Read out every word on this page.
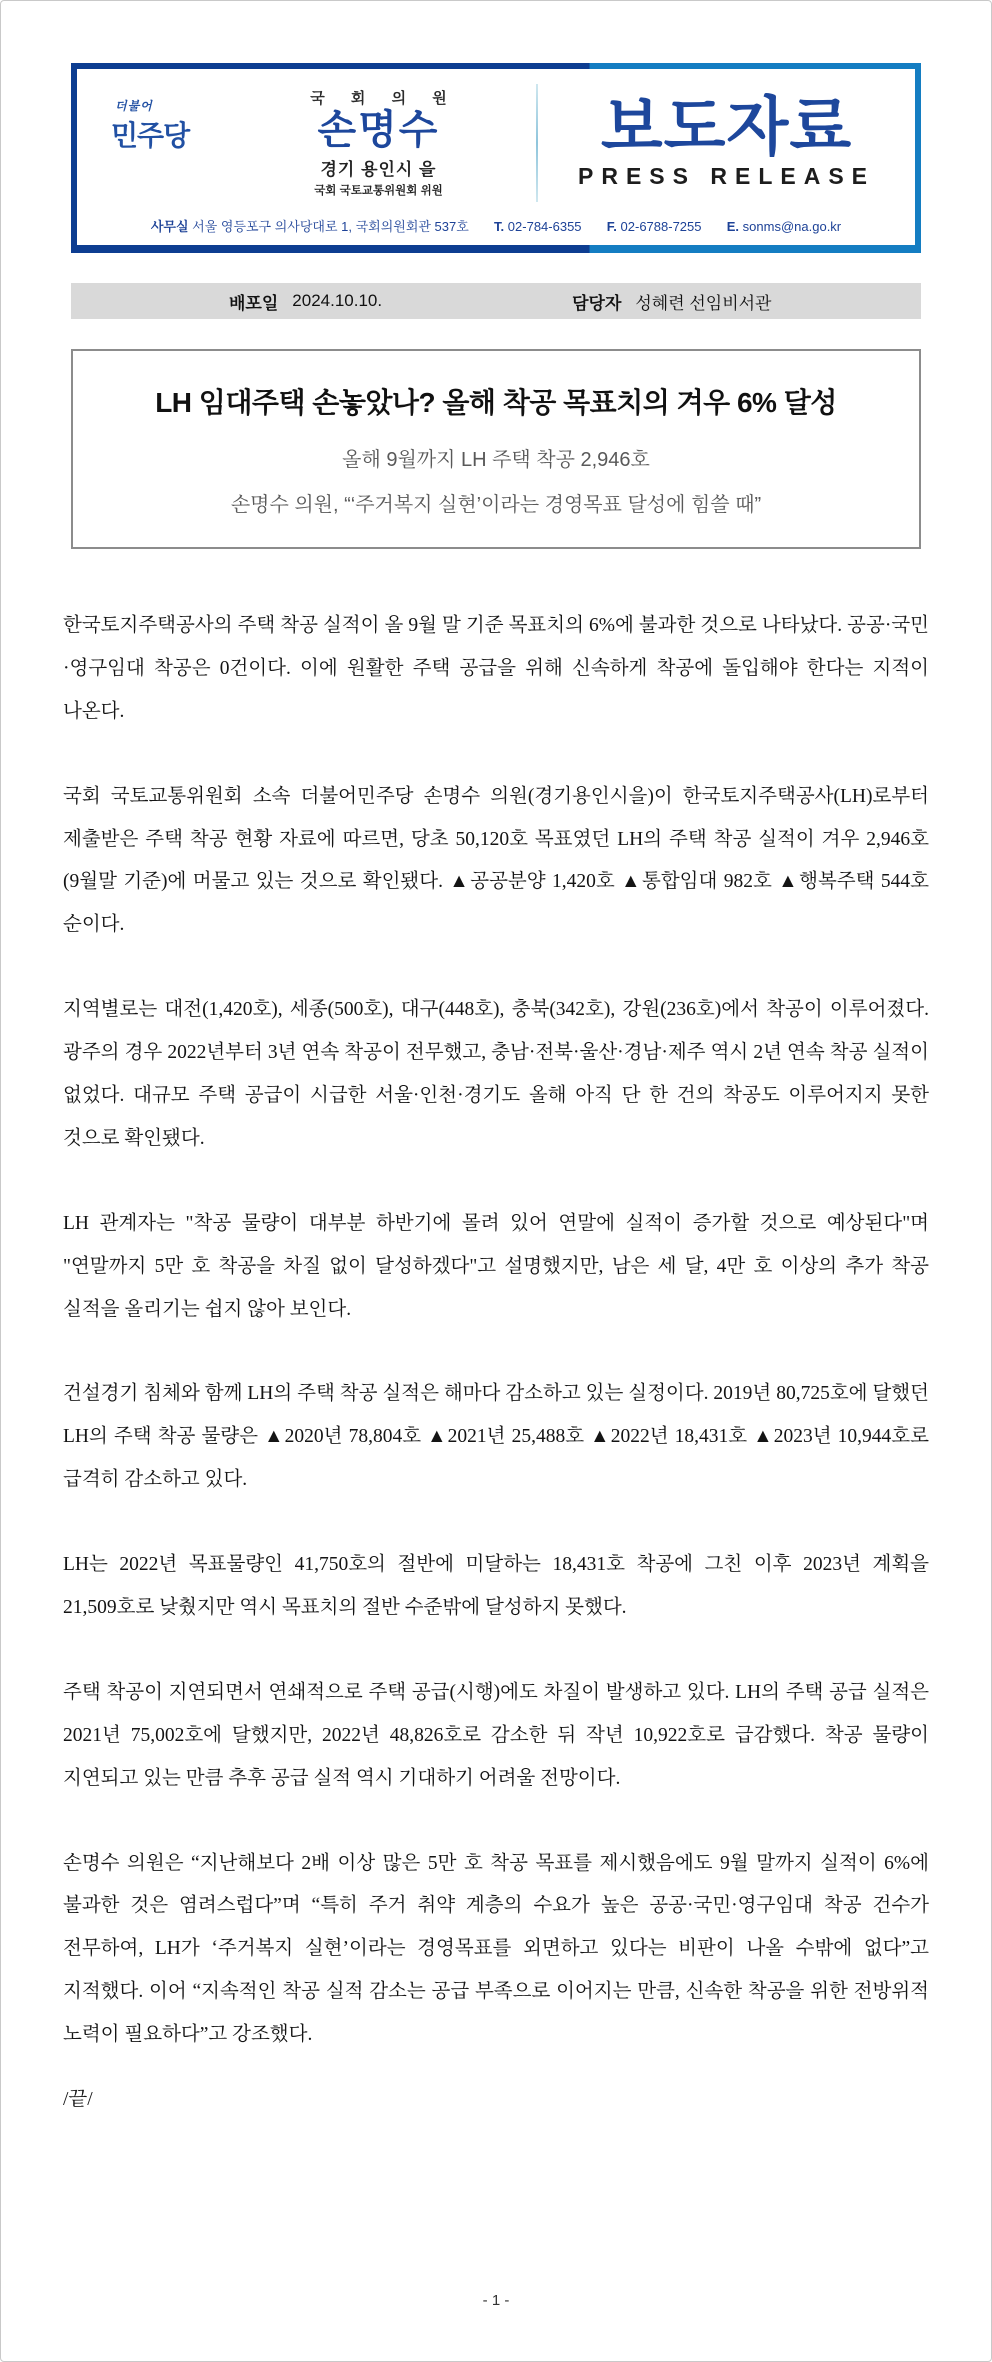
더불어
민주당
국 회 의 원
손명수
경기 용인시 을
국회 국토교통위원회 위원
보도자료
PRESS RELEASE
사무실 서울 영등포구 의사당대로 1, 국회의원회관 537호 T. 02-784-6355 F. 02-6788-7255 E. sonms@na.go.kr
배포일 2024.10.10.	담당자 성혜련 선임비서관
LH 임대주택 손놓았나? 올해 착공 목표치의 겨우 6% 달성
올해 9월까지 LH 주택 착공 2,946호
손명수 의원, “‘주거복지 실현’이라는 경영목표 달성에 힘쓸 때”

한국토지주택공사의 주택 착공 실적이 올 9월 말 기준 목표치의 6%에 불과한 것으로 나타났다. 공공·국민·영구임대 착공은 0건이다. 이에 원활한 주택 공급을 위해 신속하게 착공에 돌입해야 한다는 지적이 나온다.

국회 국토교통위원회 소속 더불어민주당 손명수 의원(경기용인시을)이 한국토지주택공사(LH)로부터 제출받은 주택 착공 현황 자료에 따르면, 당초 50,120호 목표였던 LH의 주택 착공 실적이 겨우 2,946호(9월말 기준)에 머물고 있는 것으로 확인됐다. ▲공공분양 1,420호 ▲통합임대 982호 ▲행복주택 544호 순이다.

지역별로는 대전(1,420호), 세종(500호), 대구(448호), 충북(342호), 강원(236호)에서 착공이 이루어졌다. 광주의 경우 2022년부터 3년 연속 착공이 전무했고, 충남·전북·울산·경남·제주 역시 2년 연속 착공 실적이 없었다. 대규모 주택 공급이 시급한 서울·인천·경기도 올해 아직 단 한 건의 착공도 이루어지지 못한 것으로 확인됐다.

LH 관계자는 "착공 물량이 대부분 하반기에 몰려 있어 연말에 실적이 증가할 것으로 예상된다"며 "연말까지 5만 호 착공을 차질 없이 달성하겠다"고 설명했지만, 남은 세 달, 4만 호 이상의 추가 착공 실적을 올리기는 쉽지 않아 보인다.

건설경기 침체와 함께 LH의 주택 착공 실적은 해마다 감소하고 있는 실정이다. 2019년 80,725호에 달했던 LH의 주택 착공 물량은 ▲2020년 78,804호 ▲2021년 25,488호 ▲2022년 18,431호 ▲2023년 10,944호로 급격히 감소하고 있다.

LH는 2022년 목표물량인 41,750호의 절반에 미달하는 18,431호 착공에 그친 이후 2023년 계획을 21,509호로 낮췄지만 역시 목표치의 절반 수준밖에 달성하지 못했다.

주택 착공이 지연되면서 연쇄적으로 주택 공급(시행)에도 차질이 발생하고 있다. LH의 주택 공급 실적은 2021년 75,002호에 달했지만, 2022년 48,826호로 감소한 뒤 작년 10,922호로 급감했다. 착공 물량이 지연되고 있는 만큼 추후 공급 실적 역시 기대하기 어려울 전망이다.

손명수 의원은 “지난해보다 2배 이상 많은 5만 호 착공 목표를 제시했음에도 9월 말까지 실적이 6%에 불과한 것은 염려스럽다”며 “특히 주거 취약 계층의 수요가 높은 공공·국민·영구임대 착공 건수가 전무하여, LH가 ‘주거복지 실현’이라는 경영목표를 외면하고 있다는 비판이 나올 수밖에 없다”고 지적했다. 이어 “지속적인 착공 실적 감소는 공급 부족으로 이어지는 만큼, 신속한 착공을 위한 전방위적 노력이 필요하다”고 강조했다.

/끝/

- 1 -
